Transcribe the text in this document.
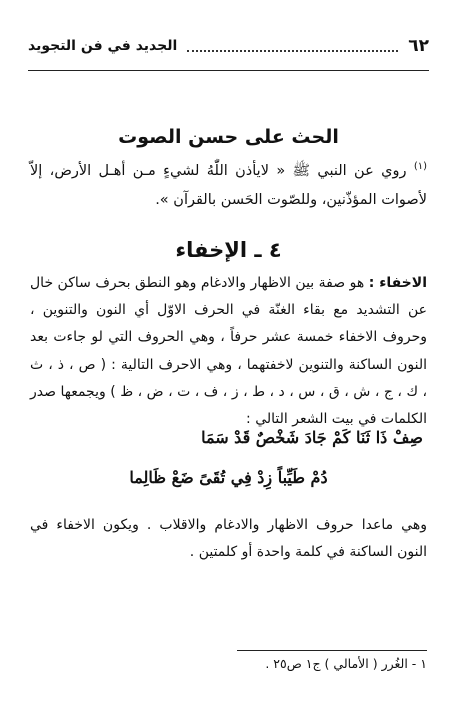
٦٢
الجديد في فن التجويد
الحث على حسن الصوت
$^{(١)}$ روي عن النبي ﷺ « لايأذن اللّٰهُ لشيءٍ مـن أهـل الأرض، إلاّ لأصوات المؤذّنين، وللصّوت الحَسن بالقرآن ».
٤ ـ الإخفاء
الاخفاء : هو صفة بين الاظهار والادغام وهو النطق بحرف ساكن خال عن التشديد مع بقاء الغنّة في الحرف الاوّل أي النون والتنوين ، وحروف الاخفاء خمسة عشر حرفاً ، وهي الحروف التي لو جاءت بعد النون الساكنة والتنوين لاخفتهما ، وهي الاحرف التالية : ( ص ، ذ ، ث ، ك ، ج ، ش ، ق ، س ، د ، ط ، ز ، ف ، ت ، ض ، ظ ) ويجمعها صدر الكلمات في بيت الشعر التالي :
صِفْ ذَا ثَنَا كَمْ جَادَ شَخْصٌ قَدْ سَمَا
دُمْ طَيِّباً زِدْ فِي تُقَىً ضَعْ ظَالِما
وهي ماعدا حروف الاظهار والادغام والاقلاب . ويكون الاخفاء في النون الساكنة في كلمة واحدة أو كلمتين .
١ - الغُرر ( الأمالي ) ج١ ص٢٥ .
